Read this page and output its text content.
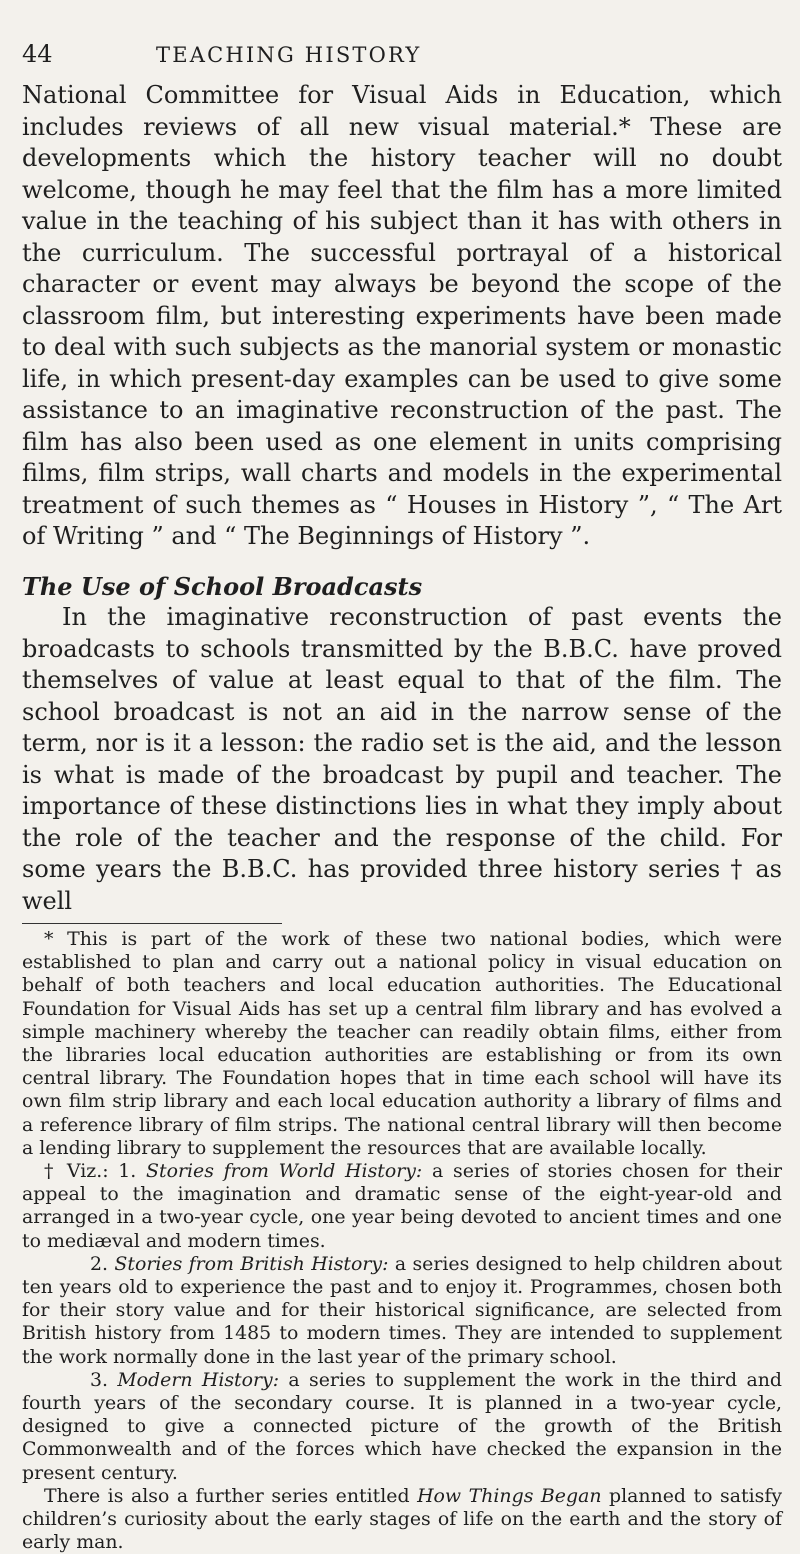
44	TEACHING HISTORY

National Committee for Visual Aids in Education, which includes reviews of all new visual material.* These are developments which the history teacher will no doubt welcome, though he may feel that the film has a more limited value in the teaching of his subject than it has with others in the curriculum. The successful portrayal of a historical character or event may always be beyond the scope of the classroom film, but interesting experiments have been made to deal with such subjects as the manorial system or monastic life, in which present-day examples can be used to give some assistance to an imaginative reconstruction of the past. The film has also been used as one element in units comprising films, film strips, wall charts and models in the experimental treatment of such themes as “ Houses in History ”, “ The Art of Writing ” and “ The Beginnings of History ”.

The Use of School Broadcasts

In the imaginative reconstruction of past events the broadcasts to schools transmitted by the B.B.C. have proved themselves of value at least equal to that of the film. The school broadcast is not an aid in the narrow sense of the term, nor is it a lesson: the radio set is the aid, and the lesson is what is made of the broadcast by pupil and teacher. The importance of these distinctions lies in what they imply about the role of the teacher and the response of the child. For some years the B.B.C. has provided three history series † as well

* This is part of the work of these two national bodies, which were established to plan and carry out a national policy in visual education on behalf of both teachers and local education authorities. The Educational Foundation for Visual Aids has set up a central film library and has evolved a simple machinery whereby the teacher can readily obtain films, either from the libraries local education authorities are establishing or from its own central library. The Foundation hopes that in time each school will have its own film strip library and each local education authority a library of films and a reference library of film strips. The national central library will then become a lending library to supplement the resources that are available locally.

† Viz.: 1. Stories from World History: a series of stories chosen for their appeal to the imagination and dramatic sense of the eight-year-old and arranged in a two-year cycle, one year being devoted to ancient times and one to mediæval and modern times.

2. Stories from British History: a series designed to help children about ten years old to experience the past and to enjoy it. Programmes, chosen both for their story value and for their historical significance, are selected from British history from 1485 to modern times. They are intended to supplement the work normally done in the last year of the primary school.

3. Modern History: a series to supplement the work in the third and fourth years of the secondary course. It is planned in a two-year cycle, designed to give a connected picture of the growth of the British Commonwealth and of the forces which have checked the expansion in the present century.

There is also a further series entitled How Things Began planned to satisfy children’s curiosity about the early stages of life on the earth and the story of early man.
